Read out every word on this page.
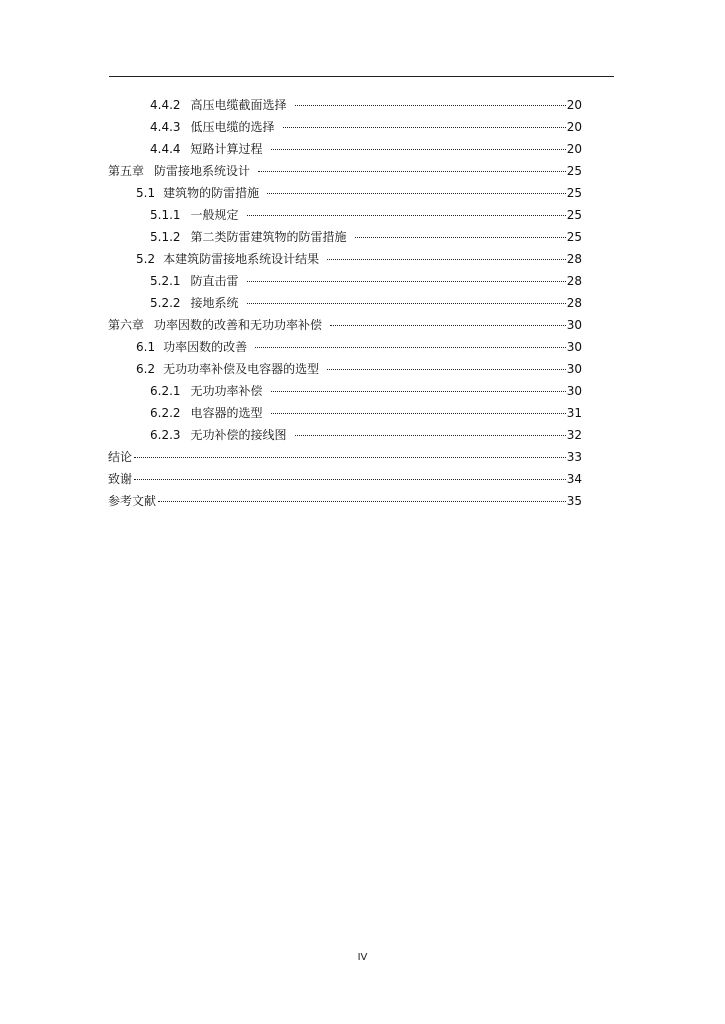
4.4.2 高压电缆截面选择	20
4.4.3 低压电缆的选择	20
4.4.4 短路计算过程	20
第五章 防雷接地系统设计	25
5.1 建筑物的防雷措施	25
5.1.1 一般规定	25
5.1.2 第二类防雷建筑物的防雷措施	25
5.2 本建筑防雷接地系统设计结果	28
5.2.1 防直击雷	28
5.2.2 接地系统	28
第六章 功率因数的改善和无功功率补偿	30
6.1 功率因数的改善	30
6.2 无功功率补偿及电容器的选型	30
6.2.1 无功功率补偿	30
6.2.2 电容器的选型	31
6.2.3 无功补偿的接线图	32
结论	33
致谢	34
参考文献	35
IV
